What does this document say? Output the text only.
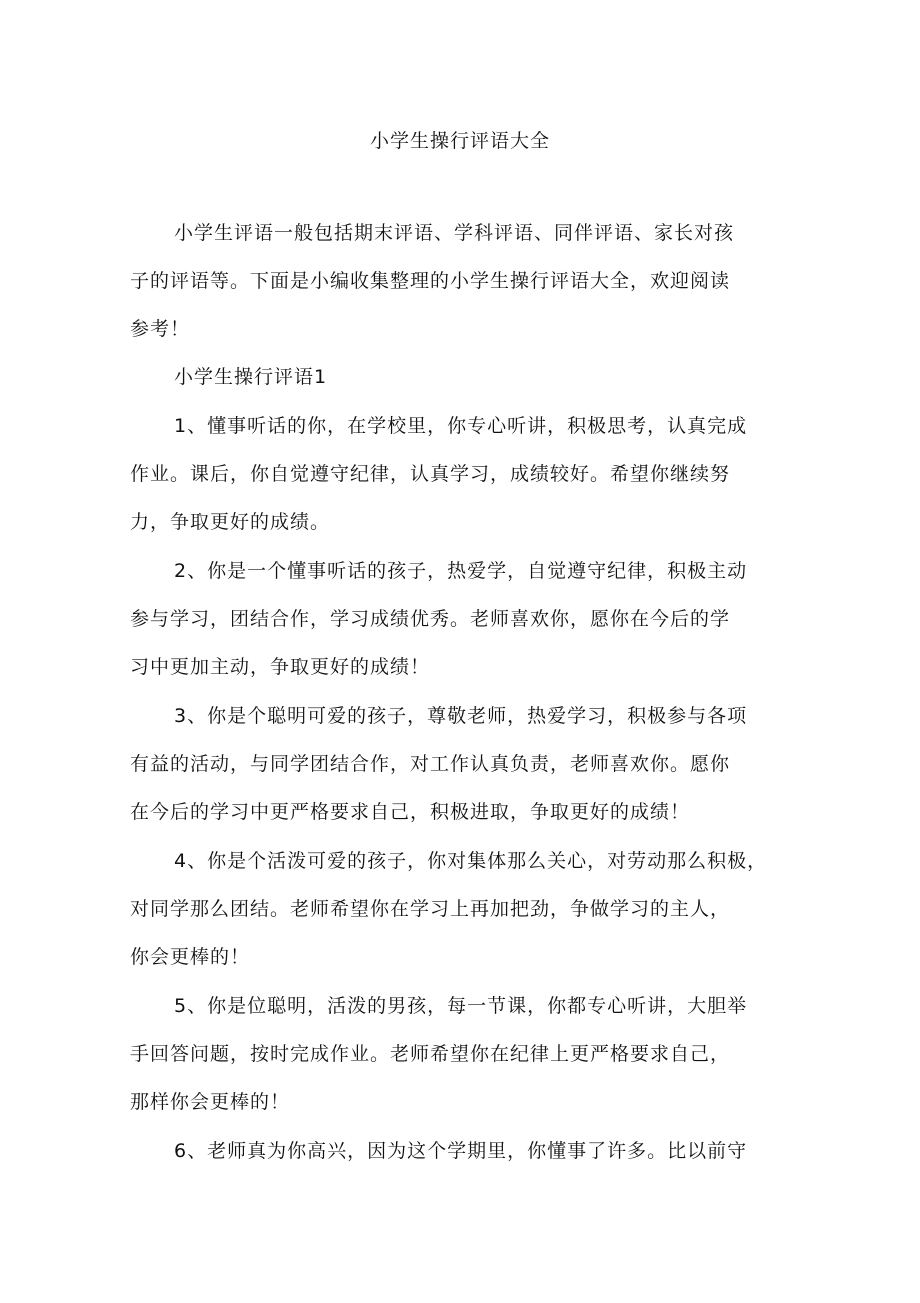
小学生操行评语大全
小学生评语一般包括期末评语、学科评语、同伴评语、家长对孩
子的评语等。下面是小编收集整理的小学生操行评语大全，欢迎阅读
参考！
小学生操行评语1
1、懂事听话的你，在学校里，你专心听讲，积极思考，认真完成
作业。课后，你自觉遵守纪律，认真学习，成绩较好。希望你继续努
力，争取更好的成绩。
2、你是一个懂事听话的孩子，热爱学，自觉遵守纪律，积极主动
参与学习，团结合作，学习成绩优秀。老师喜欢你，愿你在今后的学
习中更加主动，争取更好的成绩！
3、你是个聪明可爱的孩子，尊敬老师，热爱学习，积极参与各项
有益的活动，与同学团结合作，对工作认真负责，老师喜欢你。愿你
在今后的学习中更严格要求自己，积极进取，争取更好的成绩！
4、你是个活泼可爱的孩子，你对集体那么关心，对劳动那么积极，
对同学那么团结。老师希望你在学习上再加把劲，争做学习的主人，
你会更棒的！
5、你是位聪明，活泼的男孩，每一节课，你都专心听讲，大胆举
手回答问题，按时完成作业。老师希望你在纪律上更严格要求自己，
那样你会更棒的！
6、老师真为你高兴，因为这个学期里，你懂事了许多。比以前守
